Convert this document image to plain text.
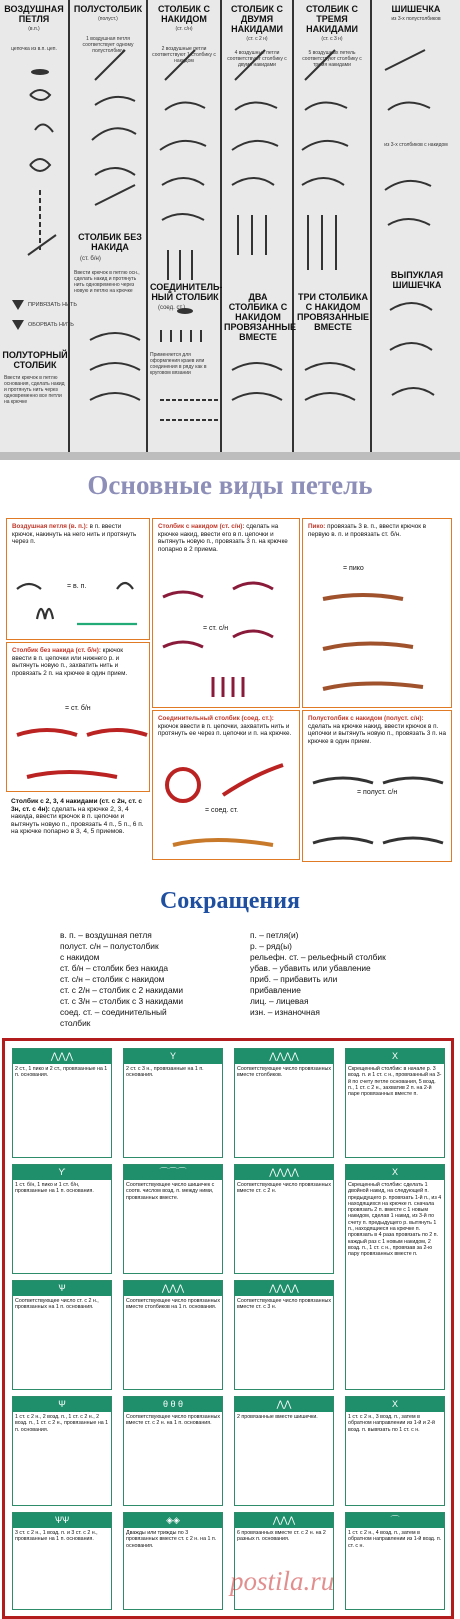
ВОЗДУШНАЯ ПЕТЛЯ
(в.п.)
цепочка из в.п. цеп.
ПОЛУСТОЛБИК
(полуст.)
1 воздушная петля соответствует одному полустолбику
СТОЛБИК С НАКИДОМ
(ст. с/н)
2 воздушные петли соответствуют 1 столбику с накидом
СТОЛБИК С ДВУМЯ НАКИДАМИ
(ст. с 2 н)
4 воздушные петли соответствуют столбику с двумя накидами
СТОЛБИК С ТРЕМЯ НАКИДАМИ
(ст. с 3 н)
5 воздушных петель соответствуют столбику с тремя накидами
ШИШЕЧКА
из 3-х полустолбиков
из 3-х столбиков с накидом
СТОЛБИК БЕЗ НАКИДА
(ст. б/н)
Ввести крючок в петлю осн., сделать накид и протянуть нить одновременно через новую и петлю на крючке	СОЕДИНИТЕЛЬ-НЫЙ СТОЛБИК
(соед. ст.)
Применяется для оформления краев или соединения в ряду как в круговом вязании
ДВА СТОЛБИКА С НАКИДОМ ПРОВЯЗАННЫЕ ВМЕСТЕ
ТРИ СТОЛБИКА С НАКИДОМ ПРОВЯЗАННЫЕ ВМЕСТЕ
ВЫПУКЛАЯ ШИШЕЧКА
ПРИВЯЗАТЬ НИТЬ
ОБОРВАТЬ НИТЬ
ПОЛУТОРНЫЙ СТОЛБИК
Ввести крючок в петлю основания, сделать накид и протянуть нить через одновременно все петли на крючке
Основные виды петель
Воздушная петля (в. п.): в п. ввести крючок, накинуть на него нить и протянуть через п.
= в. п.
Столбик с накидом (ст. с/н): сделать на крючке накид, ввести его в п. цепочки и вытянуть новую п., провязать 3 п. на крючке попарно в 2 приема.
= ст. с/н
Пико: провязать 3 в. п., ввести крючок в первую в. п. и провязать ст. б/н.
= пико
Столбик без накида (ст. б/н): крючок ввести в п. цепочки или нижнего р. и вытянуть новую п., захватить нить и провязать 2 п. на крючке в один прием.
= ст. б/н
Соединительный столбик (соед. ст.): крючок ввести в п. цепочки, захватить нить и протянуть ее через п. цепочки и п. на крючке.
= соед. ст.
Полустолбик с накидом (полуст. с/н): сделать на крючке накид, ввести крючок в п. цепочки и вытянуть новую п., провязать 3 п. на крючке в один прием.
= полуст. с/н
Столбик с 2, 3, 4 накидами (ст. с 2н, ст. с 3н, ст. с 4н): сделать на крючке 2, 3, 4 накида, ввести крючок в п. цепочки и вытянуть новую п., провязать 4 п., 5 п., 6 п. на крючке попарно в 3, 4, 5 приемов.
Сокращения
в. п. – воздушная петля
полуст. с/н – полустолбик
с накидом
ст. б/н – столбик без накида
ст. с/н – столбик с накидом
ст. с 2/н – столбик с 2 накидами
ст. с 3/н – столбик с 3 накидами
соед. ст. – соединительный
столбик
п. – петля(и)
р. – ряд(ы)
рельефн. ст. – рельефный столбик
убав. – убавить или убавление
приб. – прибавить или
прибавление
лиц. – лицевая
изн. – изнаночная
⋀⋀⋀
2 ст., 1 пико и 2 ст., провязанные на 1 п. основания.
Y
2 ст. с 3 н., провязанные на 1 п. основания.
⋀⋀⋀⋀
Соответствующее число провязанных вместе столбиков.
X
Скрещенный столбик: в начале р. 3 возд. п. и 1 ст. с н., провязанный на 3-й по счету петле основания, 5 возд. п., 1 ст. с 2 н., захватив 2 п. на 2-й паре провязанных вместе п.
ϒ
1 ст. б/н, 1 пико и 1 ст. б/н, провязанные на 1 п. основания.
⌒⌒⌒
Соответствующее число шишечек с соотв. числом возд. п. между ними, провязанных вместе.
⋀⋀⋀⋀
Соответствующее число провязанных вместе ст. с 2 н.
X
Скрещенный столбик: сделать 1 двойной накид, на следующей п. предыдущего р. провязать 1-й п., из 4 находящихся на крючке п. сначала провязать 2 п. вместе с 1 новым накидом, сделав 1 накид, из 3-й по счету п. предыдущего р. вытянуть 1 п., находящиеся на крючке п. провязать в 4 раза провязать по 2 п. каждый раз с 1 новым накидом, 2 возд. п., 1 ст. с н., провязав за 2-ю пару провязанных вместе п.
Ѱ
Соответствующее число ст. с 2 н., провязанных на 1 п. основания.
⋀⋀⋀
Соответствующее число провязанных вместе столбиков на 1 п. основания.
⋀⋀⋀⋀
Соответствующее число провязанных вместе ст. с 3 н.
Ψ
1 ст. с 2 н., 2 возд. п., 1 ст. с 2 н., 2 возд. п., 1 ст. с 2 н., провязанные на 1 п. основания.
θ θ θ
Соответствующее число провязанных вместе ст. с 2 н. на 1 п. основания.
⋀⋀
2 провязанные вместе шишечки.
X
1 ст. с 2 н., 3 возд. п., затем в обратном направлении из 1-й и 2-й возд. п. вывязать по 1 ст. с н.
ѰѰ
3 ст. с 2 н., 1 возд. п. и 3 ст. с 2 н., провязанные на 1 п. основания.
◈◈
Дважды или трижды по 3 провязанных вместе ст. с 2 н. на 1 п. основания.
⋀⋀⋀
6 провязанных вместе ст. с 2 н. на 2 разных п. основания.
⌒
1 ст. с 2 н., 4 возд. п., затем в обратном направлении из 1-й возд. п. ст. с н.
postila.ru
